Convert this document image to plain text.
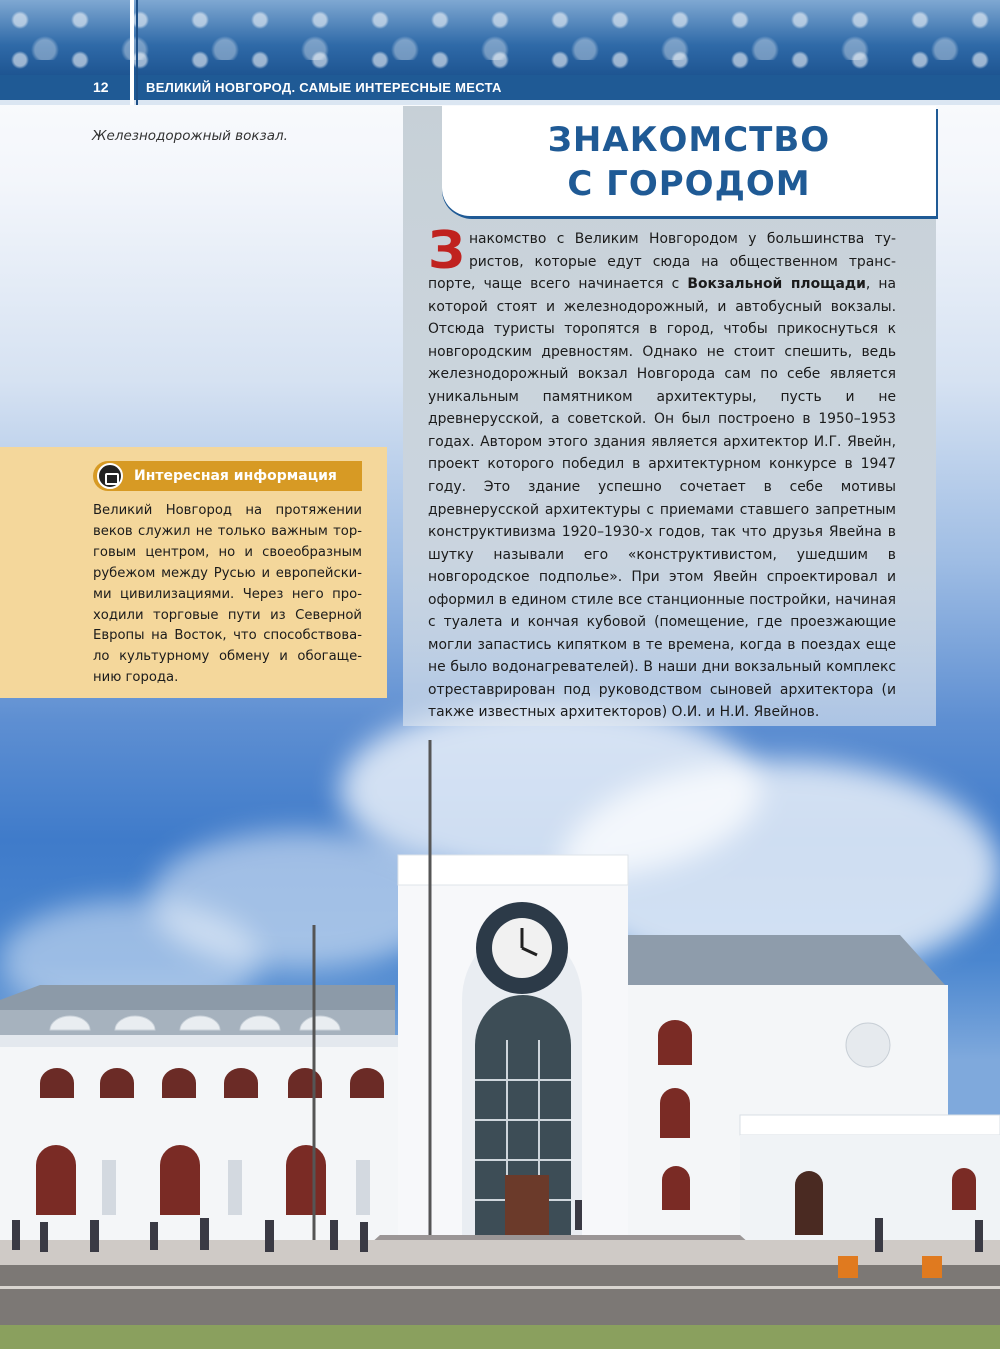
12	ВЕЛИКИЙ НОВГОРОД. САМЫЕ ИНТЕРЕСНЫЕ МЕСТА
Железнодорожный вокзал.	ЗНАКОМСТВО
С ГОРОДОМ
Знакомство с Великим Новгородом у большинства туристов, которые едут сюда на общественном транспорте, чаще всего начинается с Вокзальной площади, на которой стоят и железнодорожный, и автобусный вокзалы. Отсюда туристы торопятся в город, чтобы прикоснуться к новгородским древностям. Однако не стоит спешить, ведь железнодорожный вокзал Новгорода сам по себе является уникальным памятником архитектуры, пусть и не древнерусской, а советской. Он был построено в 1950–1953 годах. Автором этого здания является архитектор И.Г. Явейн, проект которого победил в архитектурном конкурсе в 1947 году. Это здание успешно сочетает в себе мотивы древнерусской архитектуры с приемами ставшего запретным конструктивизма 1920–1930-х годов, так что друзья Явейна в шутку называли его «конструктивистом, ушедшим в новгородское подполье». При этом Явейн спроектировал и оформил в едином стиле все станционные постройки, начиная с туалета и кончая кубовой (помещение, где проезжающие могли запастись кипятком в те времена, когда в поездах еще не было водонагревателей). В наши дни вокзальный комплекс отреставрирован под руководством сыновей архитектора (и также известных архитекторов) О.И. и Н.И. Явейнов.
Интересная информация
Великий Новгород на протяжении веков служил не только важным торговым центром, но и своеобразным рубежом между Русью и европейскими цивилизациями. Через него проходили торговые пути из Северной Европы на Восток, что способствовало культурному обмену и обогащению города.
